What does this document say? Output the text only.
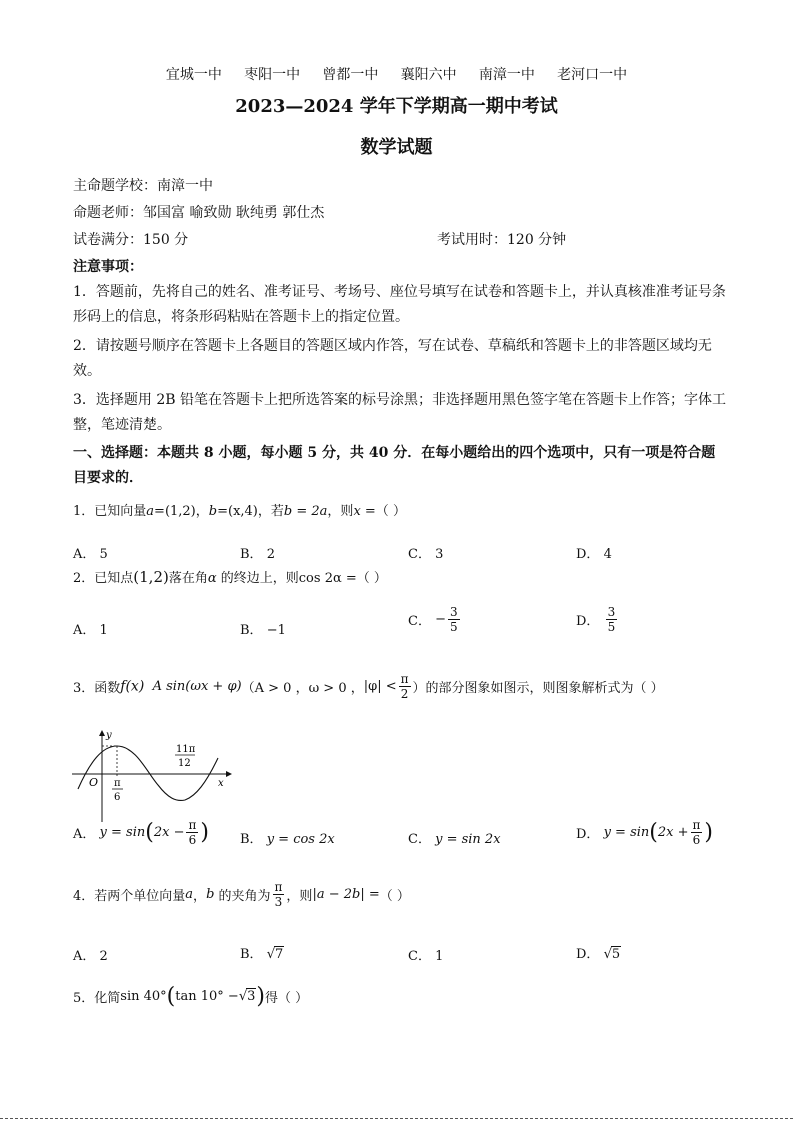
宜城一中 枣阳一中 曾都一中 襄阳六中 南漳一中 老河口一中
2023—2024 学年下学期高一期中考试
数学试题
主命题学校：南漳一中
命题老师：邹国富 喻致勋 耿纯勇 郭仕杰
试卷满分：150 分	考试用时：120 分钟
注意事项：
1．答题前，先将自己的姓名、准考证号、考场号、座位号填写在试卷和答题卡上，并认真核准准考证号条形码上的信息，将条形码粘贴在答题卡上的指定位置。
2．请按题号顺序在答题卡上各题目的答题区域内作答，写在试卷、草稿纸和答题卡上的非答题区域均无效。
3．选择题用 2B 铅笔在答题卡上把所选答案的标号涂黑；非选择题用黑色签字笔在答题卡上作答；字体工整，笔迹清楚。
一、选择题：本题共 8 小题，每小题 5 分，共 40 分．在每小题给出的四个选项中，只有一项是符合题目要求的．
1．已知向量a=(1,2)，b=(x,4)，若b = 2a，则x =（ ）
A． 5	B． 2	C． 3	D． 4
2．已知点(1,2)落在角α 的终边上，则cos 2α =（ ）
A． 1	B． −1
C． − $\frac{3}{5}$	D． $\frac{3}{5}$
3．函数f(x) A sin(ωx + φ)（A > 0 ，ω > 0 ，$|\varphi| < \frac{\pi}{2}$ ）的部分图象如图示，则图象解析式为（ ）
y
x
O π
6
11π
12
A． $y = \sin(2x - \frac{\pi}{6}$ ) B． y = cos 2x	C． y = sin 2x	D． $y = \sin(2x + \frac{\pi}{6}$ )
4．若两个单位向量a，b 的夹角为 $\frac{\pi}{3}$ ，则|a − 2b| =（ ）
A． 2	B． √7	C． 1	D． √5
5．化简sin 40°(tan 10° −√3)得（ ）
